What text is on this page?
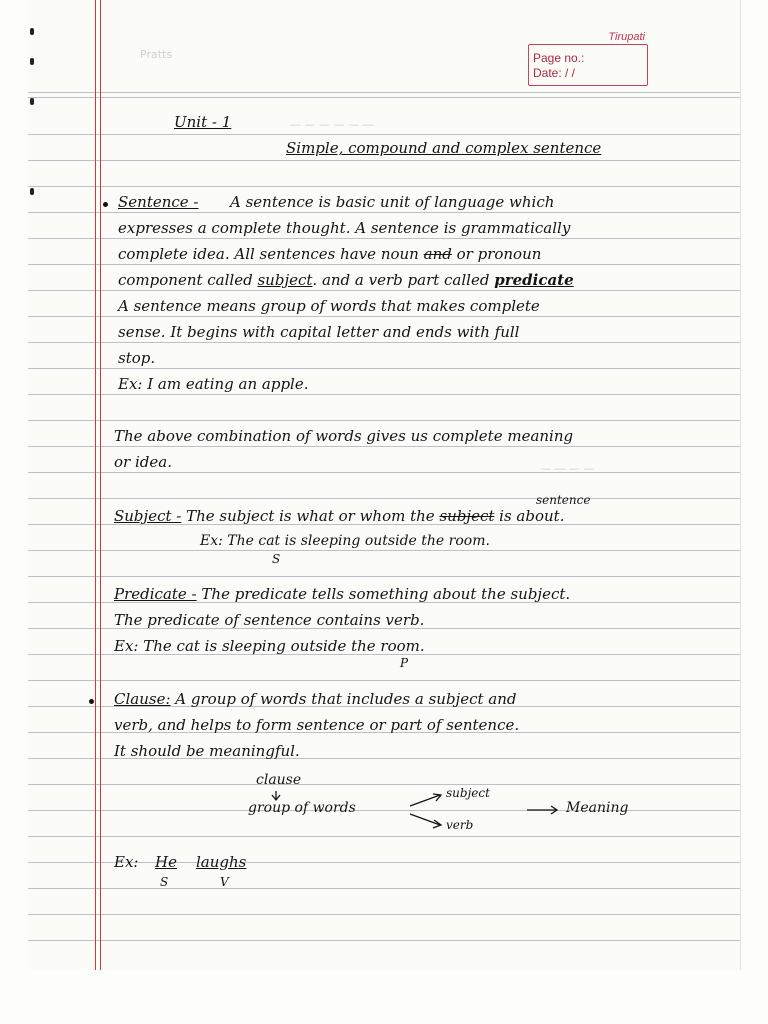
Pratts
— — — — — —
— — — —
Tirupati
Page no.:
Date: / /
Unit - 1
Simple, compound and complex sentence
Sentence - A sentence is basic unit of language which
expresses a complete thought. A sentence is grammatically
complete idea. All sentences have noun and or pronoun
component called subject. and a verb part called predicate
A sentence means group of words that makes complete
sense. It begins with capital letter and ends with full
stop.
Ex: I am eating an apple.
The above combination of words gives us complete meaning
or idea.
sentence
Subject - The subject is what or whom the subject is about.
Ex: The cat is sleeping outside the room.
S
Predicate - The predicate tells something about the subject.
The predicate of sentence contains verb.
Ex: The cat is sleeping outside the room.
P
Clause: A group of words that includes a subject and
verb, and helps to form sentence or part of sentence.
It should be meaningful.
clause
group of words
subject
verb
Meaning
Ex: He laughs
S	V
